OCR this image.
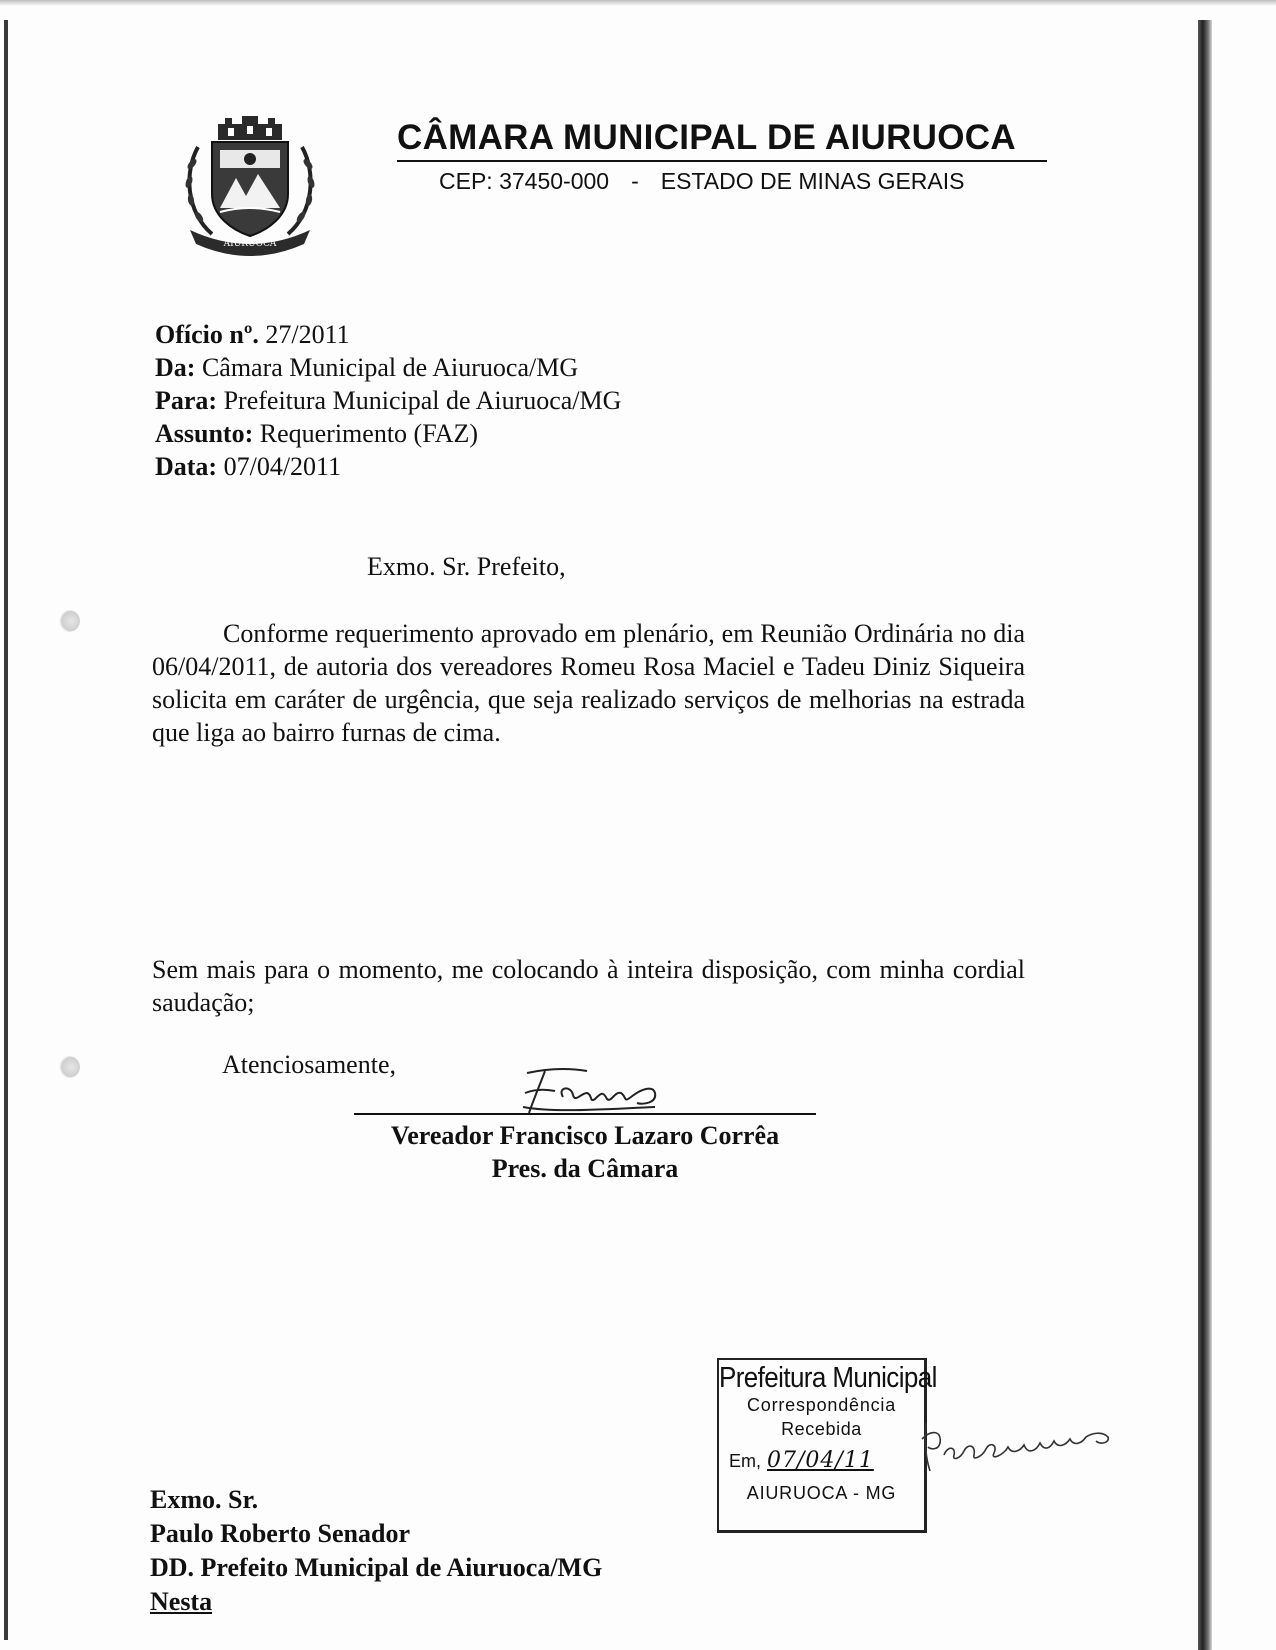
AIURUOCA
CÂMARA MUNICIPAL DE AIURUOCA
CEP: 37450-000 - ESTADO DE MINAS GERAIS
Ofício nº. 27/2011
Da: Câmara Municipal de Aiuruoca/MG
Para: Prefeitura Municipal de Aiuruoca/MG
Assunto: Requerimento (FAZ)
Data: 07/04/2011
Exmo. Sr. Prefeito,
Conforme requerimento aprovado em plenário, em Reunião Ordinária no dia 06/04/2011, de autoria dos vereadores Romeu Rosa Maciel e Tadeu Diniz Siqueira solicita em caráter de urgência, que seja realizado serviços de melhorias na estrada que liga ao bairro furnas de cima.
Sem mais para o momento, me colocando à inteira disposição, com minha cordial saudação;
Atenciosamente,
Vereador Francisco Lazaro Corrêa
Pres. da Câmara
Prefeitura Municipal
Correspondência
Recebida
Em, 07/04/11
AIURUOCA - MG
Exmo. Sr.
Paulo Roberto Senador
DD. Prefeito Municipal de Aiuruoca/MG
Nesta
